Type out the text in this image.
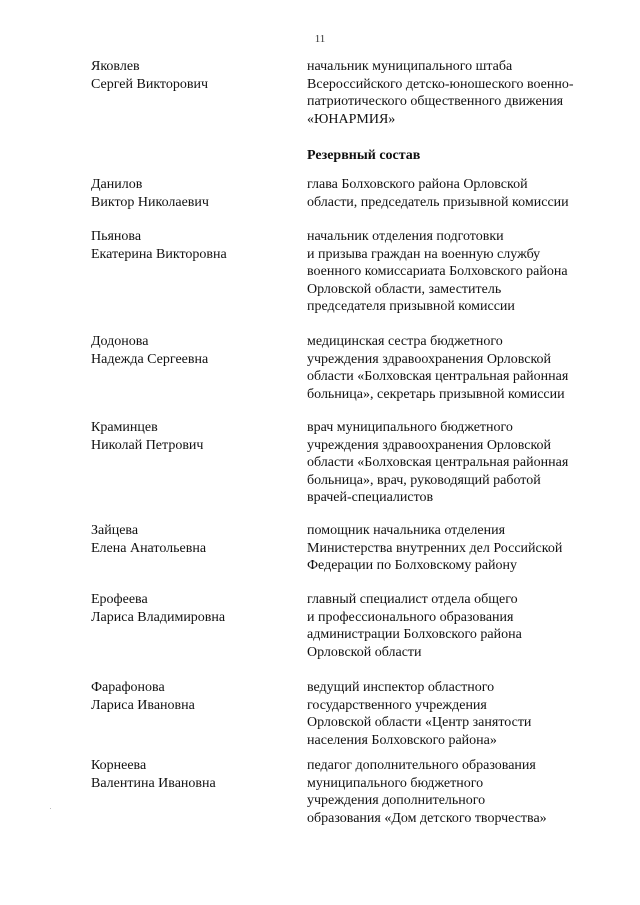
11
Яковлев
Сергей Викторович
начальник муниципального штаба
Всероссийского детско-юношеского военно-
патриотического общественного движения
«ЮНАРМИЯ»
Резервный состав
Данилов
Виктор Николаевич
глава Болховского района Орловской
области, председатель призывной комиссии
Пьянова
Екатерина Викторовна
начальник отделения подготовки
и призыва граждан на военную службу
военного комиссариата Болховского района
Орловской области, заместитель
председателя призывной комиссии
Додонова
Надежда Сергеевна
медицинская сестра бюджетного
учреждения здравоохранения Орловской
области «Болховская центральная районная
больница», секретарь призывной комиссии
Краминцев
Николай Петрович
врач муниципального бюджетного
учреждения здравоохранения Орловской
области «Болховская центральная районная
больница», врач, руководящий работой
врачей-специалистов
Зайцева
Елена Анатольевна
помощник начальника отделения
Министерства внутренних дел Российской
Федерации по Болховскому району
Ерофеева
Лариса Владимировна
главный специалист отдела общего
и профессионального образования
администрации Болховского района
Орловской области
Фарафонова
Лариса Ивановна
ведущий инспектор областного
государственного учреждения
Орловской области «Центр занятости
населения Болховского района»
Корнеева
Валентина Ивановна
педагог дополнительного образования
муниципального бюджетного
учреждения дополнительного
образования «Дом детского творчества»
